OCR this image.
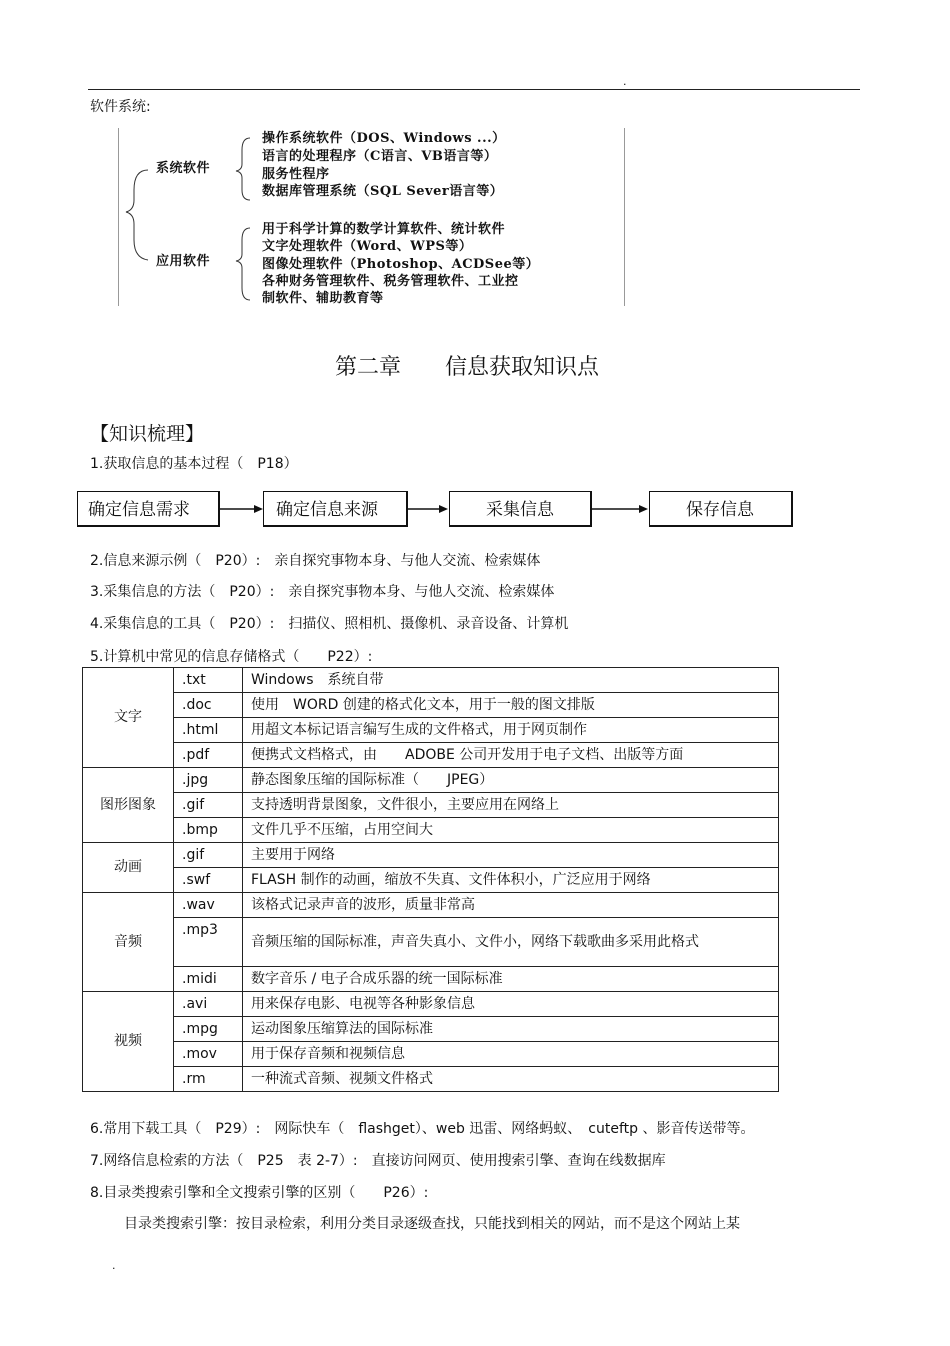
.
软件系统:
系统软件
操作系统软件（DOS、Windows ...）
语言的处理程序（C语言、VB语言等）
服务性程序
数据库管理系统（SQL Sever语言等）
应用软件
用于科学计算的数学计算软件、统计软件
文字处理软件（Word、WPS等）
图像处理软件（Photoshop、ACDSee等）
各种财务管理软件、税务管理软件、工业控
制软件、辅助教育等
第二章　　信息获取知识点
【知识梳理】
1.获取信息的基本过程（　P18）
确定信息需求	确定信息来源	采集信息	保存信息
2.信息来源示例（　P20）:　亲自探究事物本身、与他人交流、检索媒体
3.采集信息的方法（　P20）:　亲自探究事物本身、与他人交流、检索媒体
4.采集信息的工具（　P20）:　扫描仪、照相机、摄像机、录音设备、计算机
5.计算机中常见的信息存储格式（　　P22）:
文字	.txt	Windows　系统自带
	.doc	使用　WORD 创建的格式化文本，用于一般的图文排版
	.html	用超文本标记语言编写生成的文件格式，用于网页制作
	.pdf	便携式文档格式，由　　ADOBE 公司开发用于电子文档、出版等方面
图形图象	.jpg	静态图象压缩的国际标准（　　JPEG）
	.gif	支持透明背景图象，文件很小，主要应用在网络上
	.bmp	文件几乎不压缩，占用空间大
动画	.gif	主要用于网络
	.swf	FLASH 制作的动画，缩放不失真、文件体积小，广泛应用于网络
音频	.wav	该格式记录声音的波形，质量非常高
	.mp3	音频压缩的国际标准，声音失真小、文件小，网络下载歌曲多采用此格式
	.midi	数字音乐 / 电子合成乐器的统一国际标准
视频	.avi	用来保存电影、电视等各种影象信息
	.mpg	运动图象压缩算法的国际标准
	.mov	用于保存音频和视频信息
	.rm	一种流式音频、视频文件格式
6.常用下载工具（　P29）:　网际快车（　flashget）、web 迅雷、网络蚂蚁、　cuteftp 、影音传送带等。
7.网络信息检索的方法（　P25　表 2-7）:　直接访问网页、使用搜索引擎、查询在线数据库
8.目录类搜索引擎和全文搜索引擎的区别（　　P26）:
目录类搜索引擎：按目录检索，利用分类目录逐级查找，只能找到相关的网站，而不是这个网站上某
.
